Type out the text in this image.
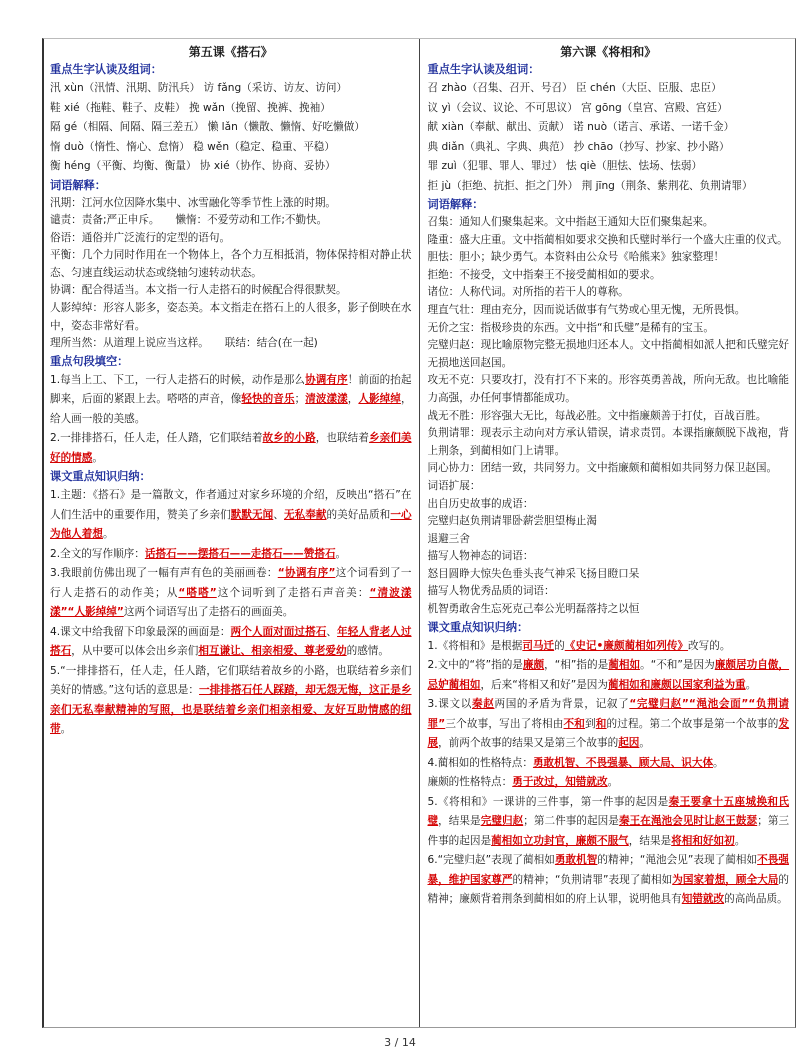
第五课《搭石》
重点生字认读及组词：

汛 xùn（汛情、汛期、防汛兵） 访 fǎng（采访、访友、访问）

鞋 xié（拖鞋、鞋子、皮鞋） 挽 wǎn（挽留、挽裤、挽袖）

隔 gé（相隔、间隔、隔三差五） 懒 lǎn（懒散、懒惰、好吃懒做）

惰 duò（惰性、惰心、怠惰） 稳 wěn（稳定、稳重、平稳）

衡 héng（平衡、均衡、衡量） 协 xié（协作、协商、妥协）

词语解释：

汛期：江河水位因降水集中、冰雪融化等季节性上涨的时期。

谴责：责备;严正申斥。　　懒惰：不爱劳动和工作;不勤快。

俗语：通俗并广泛流行的定型的语句。

平衡：几个力同时作用在一个物体上，各个力互相抵消，物体保持相对静止状态、匀速直线运动状态或绕轴匀速转动状态。

协调：配合得适当。本文指一行人走搭石的时候配合得很默契。

人影绰绰：形容人影多，姿态美。本文指走在搭石上的人很多，影子倒映在水中，姿态非常好看。

理所当然：从道理上说应当这样。　　联结：结合(在一起)

重点句段填空：

1.每当上工、下工，一行人走搭石的时候，动作是那么协调有序！前面的抬起脚来，后面的紧跟上去。嗒嗒的声音，像轻快的音乐；清波漾漾，人影绰绰，给人画一般的美感。

2.一排排搭石，任人走，任人踏，它们联结着故乡的小路，也联结着乡亲们美好的情感。

课文重点知识归纳：

1.主题：《搭石》是一篇散文，作者通过对家乡环境的介绍，反映出“搭石”在人们生活中的重要作用，赞美了乡亲们默默无闻、无私奉献的美好品质和一心为他人着想。

2.全文的写作顺序：话搭石——摆搭石——走搭石——赞搭石。

3.我眼前仿佛出现了一幅有声有色的美丽画卷：“协调有序”这个词看到了一行人走搭石的动作美；从“嗒嗒”这个词听到了走搭石声音美：“清波漾漾”“人影绰绰”这两个词语写出了走搭石的画面美。

4.课文中给我留下印象最深的画面是：两个人面对面过搭石、年轻人背老人过搭石，从中要可以体会出乡亲们相互谦让、相亲相爱、尊老爱幼的感情。

5.“一排排搭石，任人走，任人踏，它们联结着故乡的小路，也联结着乡亲们美好的情感。”这句话的意思是：一排排搭石任人踩踏，却无怨无悔，这正是乡亲们无私奉献精神的写照，也是联结着乡亲们相亲相爱、友好互助情感的纽带。

第六课《将相和》
重点生字认读及组词：

召 zhào（召集、召开、号召） 臣 chén（大臣、臣服、忠臣）

议 yì（会议、议论、不可思议） 宫 gōng（皇宫、宫殿、宫廷）

献 xiàn（奉献、献出、贡献） 诺 nuò（诺言、承诺、一诺千金）

典 diǎn（典礼、字典、典范） 抄 chāo（抄写、抄家、抄小路）

罪 zuì（犯罪、罪人、罪过） 怯 qiè（胆怯、怯场、怯弱）

拒 jù（拒绝、抗拒、拒之门外） 荆 jīng（荆条、紫荆花、负荆请罪）

词语解释：

召集：通知人们聚集起来。文中指赵王通知大臣们聚集起来。

隆重：盛大庄重。文中指蔺相如要求交换和氏璧时举行一个盛大庄重的仪式。

胆怯：胆小；缺少勇气。本资料由公众号《哈熊来》独家整理！

拒绝：不接受，文中指秦王不接受蔺相如的要求。

诸位：人称代词。对所指的若干人的尊称。

理直气壮：理由充分，因而说话做事有气势或心里无愧，无所畏惧。

无价之宝：指极珍贵的东西。文中指“和氏璧”是稀有的宝玉。

完璧归赵：现比喻原物完整无损地归还本人。文中指蔺相如派人把和氏璧完好无损地送回赵国。

攻无不克：只要攻打，没有打不下来的。形容英勇善战，所向无敌。也比喻能力高强，办任何事情都能成功。

战无不胜：形容强大无比，每战必胜。文中指廉颇善于打仗，百战百胜。

负荆请罪：现表示主动向对方承认错误，请求责罚。本课指廉颇脱下战袍，背上荆条，到蔺相如门上请罪。

同心协力：团结一致，共同努力。文中指廉颇和蔺相如共同努力保卫赵国。

词语扩展：

出自历史故事的成语：

完璧归赵负荆请罪卧薪尝胆望梅止渴

退避三舍

描写人物神态的词语：

怒目圆睁大惊失色垂头丧气神采飞扬目瞪口呆

描写人物优秀品质的词语：

机智勇敢舍生忘死克己奉公光明磊落持之以恒

课文重点知识归纳：

1.《将相和》是根据司马迁的《史记•廉颇蔺相如列传》改写的。

2.文中的“将”指的是廉颇，“相”指的是蔺相如。“不和”是因为廉颇居功自傲，忌妒蔺相如，后来“将相又和好”是因为蔺相如和廉颇以国家利益为重。

3.课文以秦赵两国的矛盾为背景，记叙了“完璧归赵”“渑池会面”“负荆请罪”三个故事，写出了将相由不和到和的过程。第二个故事是第一个故事的发展，前两个故事的结果又是第三个故事的起因。

4.蔺相如的性格特点：勇敢机智、不畏强暴、顾大局、识大体。

廉颇的性格特点：勇于改过，知错就改。

5.《将相和》一课讲的三件事，第一件事的起因是秦王要拿十五座城换和氏璧，结果是完璧归赵；第二件事的起因是秦王在渑池会见时让赵王鼓瑟；第三件事的起因是蔺相如立功封官，廉颇不服气，结果是将相和好如初。

6.“完璧归赵”表现了蔺相如勇敢机智的精神；“渑池会见”表现了蔺相如不畏强暴，维护国家尊严的精神；“负荆请罪”表现了蔺相如为国家着想，顾全大局的精神；廉颇背着荆条到蔺相如的府上认罪，说明他具有知错就改的高尚品质。

3 / 14
